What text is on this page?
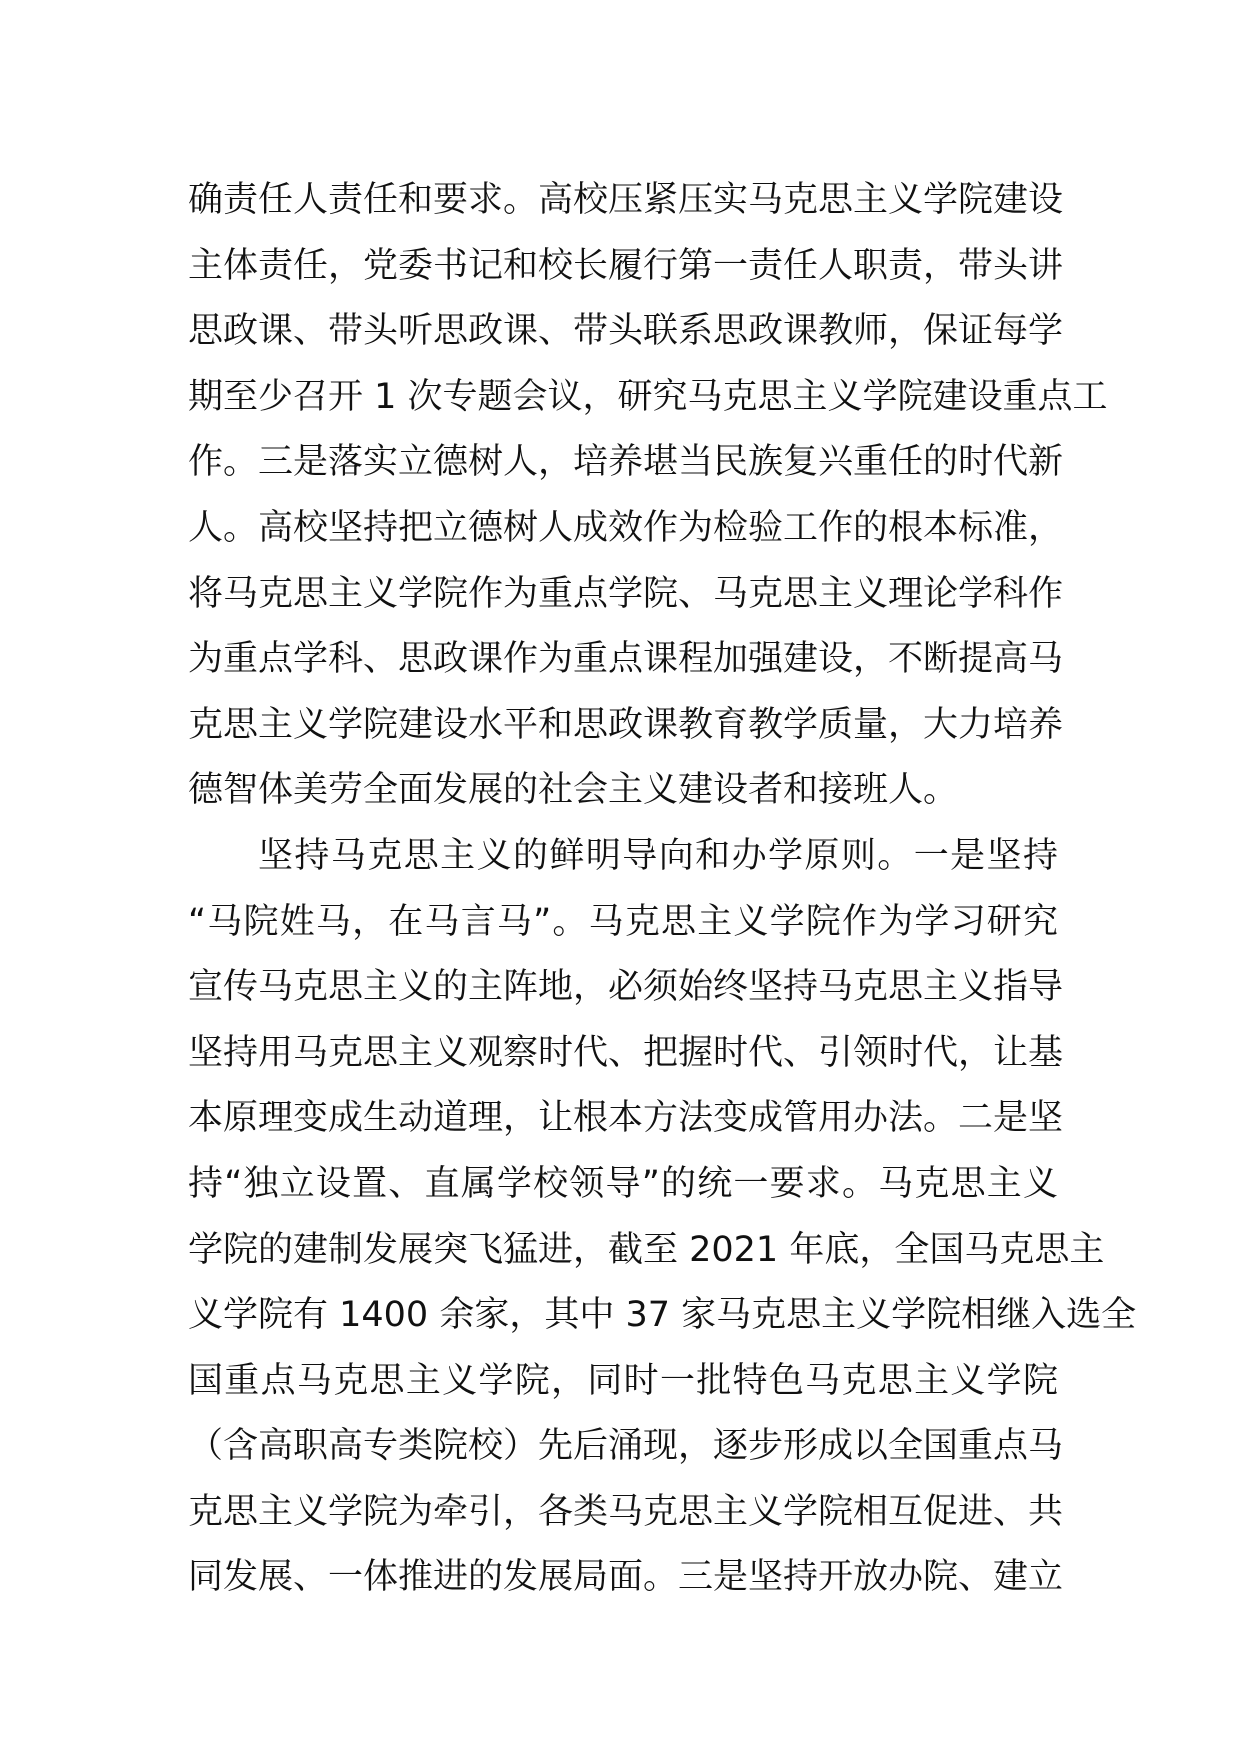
确责任人责任和要求。高校压紧压实马克思主义学院建设
主体责任，党委书记和校长履行第一责任人职责，带头讲
思政课、带头听思政课、带头联系思政课教师，保证每学
期至少召开 1 次专题会议，研究马克思主义学院建设重点工
作。三是落实立德树人，培养堪当民族复兴重任的时代新
人。高校坚持把立德树人成效作为检验工作的根本标准，
将马克思主义学院作为重点学院、马克思主义理论学科作
为重点学科、思政课作为重点课程加强建设，不断提高马
克思主义学院建设水平和思政课教育教学质量，大力培养
德智体美劳全面发展的社会主义建设者和接班人。
坚持马克思主义的鲜明导向和办学原则。一是坚持
“马院姓马，在马言马”。马克思主义学院作为学习研究
宣传马克思主义的主阵地，必须始终坚持马克思主义指导
坚持用马克思主义观察时代、把握时代、引领时代，让基
本原理变成生动道理，让根本方法变成管用办法。二是坚
持“独立设置、直属学校领导”的统一要求。马克思主义
学院的建制发展突飞猛进，截至 2021 年底，全国马克思主
义学院有 1400 余家，其中 37 家马克思主义学院相继入选全
国重点马克思主义学院，同时一批特色马克思主义学院
（含高职高专类院校）先后涌现，逐步形成以全国重点马
克思主义学院为牵引，各类马克思主义学院相互促进、共
同发展、一体推进的发展局面。三是坚持开放办院、建立
